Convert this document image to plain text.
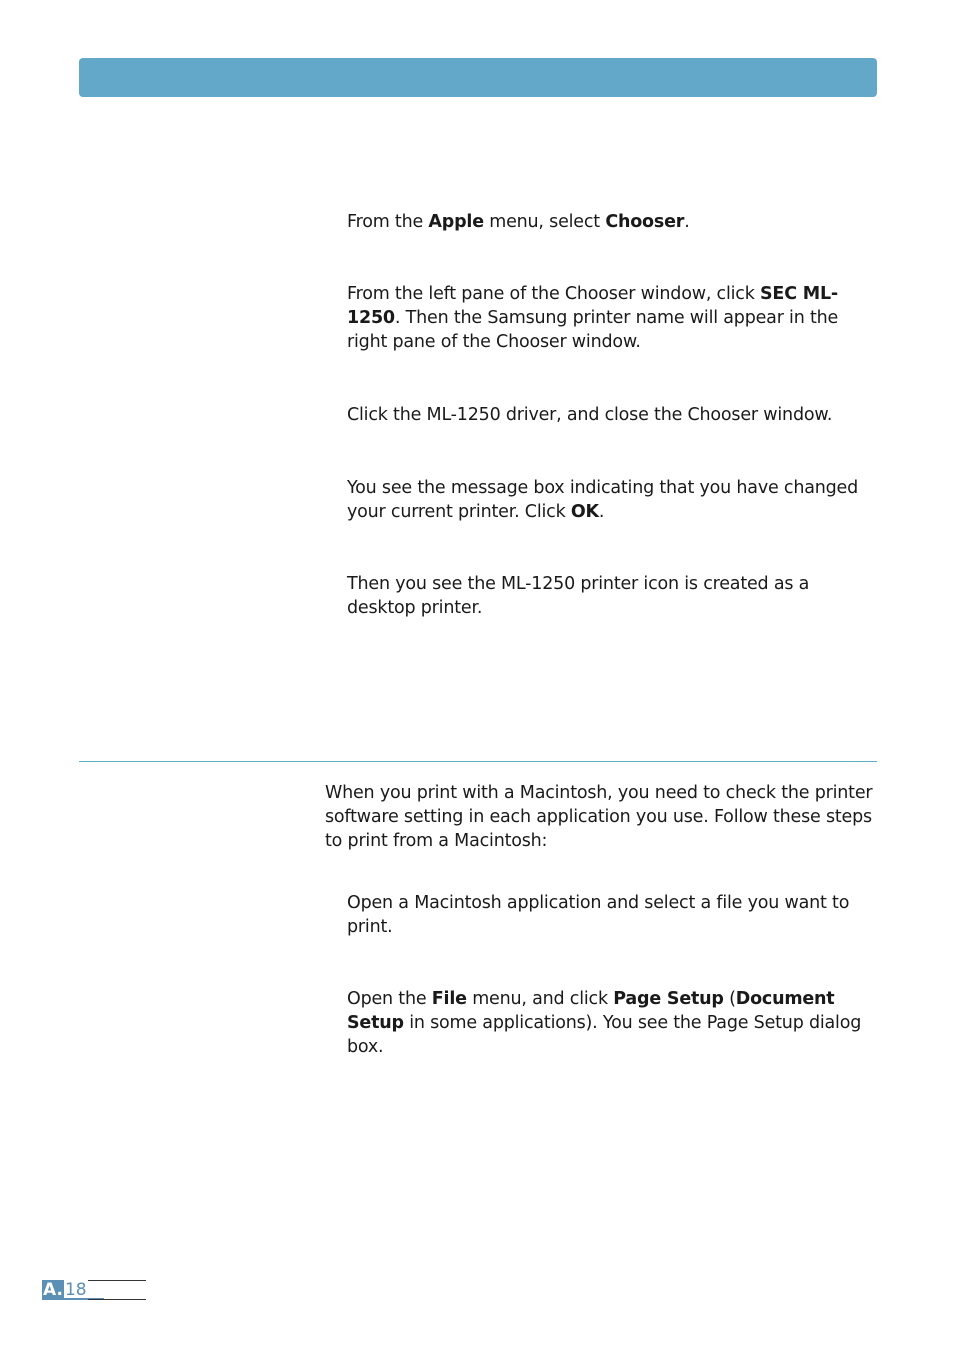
From the Apple menu, select Chooser.

From the left pane of the Chooser window, click SEC ML-1250. Then the Samsung printer name will appear in the right pane of the Chooser window.

Click the ML-1250 driver, and close the Chooser window.

You see the message box indicating that you have changed your current printer. Click OK.

Then you see the ML-1250 printer icon is created as a desktop printer.

When you print with a Macintosh, you need to check the printer software setting in each application you use. Follow these steps to print from a Macintosh:

Open a Macintosh application and select a file you want to print.

Open the File menu, and click Page Setup (Document Setup in some applications). You see the Page Setup dialog box.

A. 18
